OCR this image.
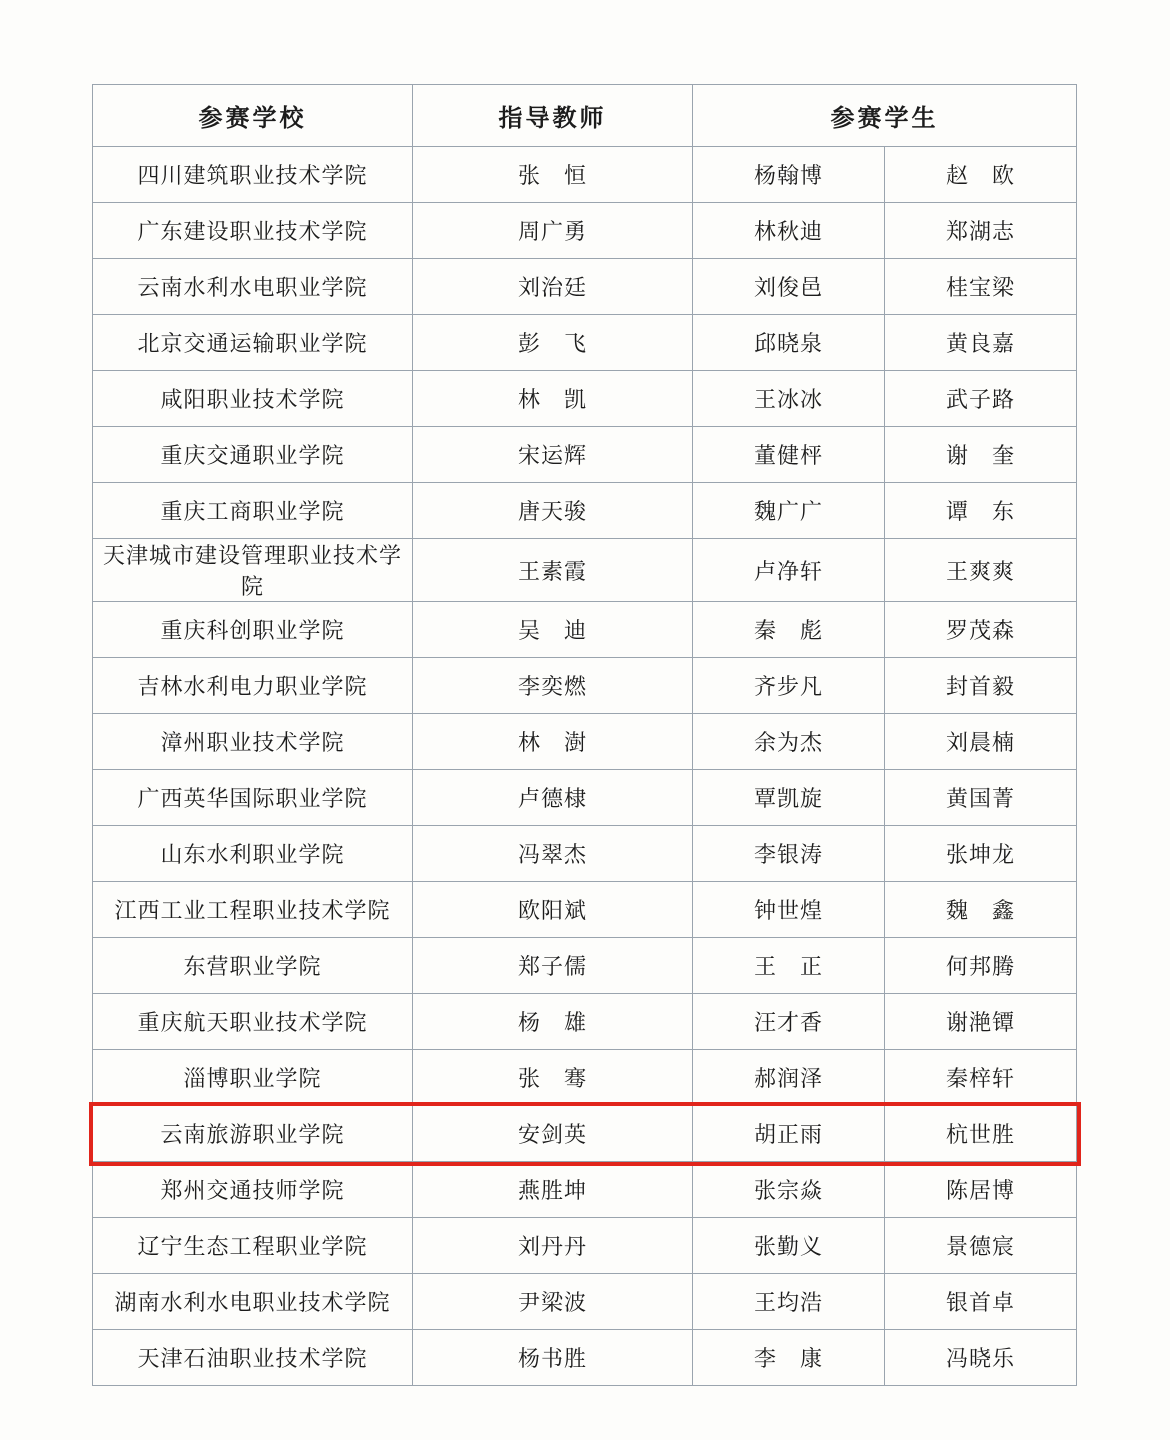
参赛学校	指导教师	参赛学生	
四川建筑职业技术学院	张　恒	杨翰博	赵　欧
广东建设职业技术学院	周广勇	林秋迪	郑湖志
云南水利水电职业学院	刘治廷	刘俊邑	桂宝梁
北京交通运输职业学院	彭　飞	邱晓泉	黄良嘉
咸阳职业技术学院	林　凯	王冰冰	武子路
重庆交通职业学院	宋运辉	董健枰	谢　奎
重庆工商职业学院	唐天骏	魏广广	谭　东
天津城市建设管理职业技术学院	王素霞	卢净轩	王爽爽
重庆科创职业学院	吴　迪	秦　彪	罗茂森
吉林水利电力职业学院	李奕燃	齐步凡	封首毅
漳州职业技术学院	林　澍	余为杰	刘晨楠
广西英华国际职业学院	卢德棣	覃凯旋	黄国菁
山东水利职业学院	冯翠杰	李银涛	张坤龙
江西工业工程职业技术学院	欧阳斌	钟世煌	魏　鑫
东营职业学院	郑子儒	王　正	何邦腾
重庆航天职业技术学院	杨　雄	汪才香	谢滟镡
淄博职业学院	张　骞	郝润泽	秦梓轩
云南旅游职业学院	安剑英	胡正雨	杭世胜
郑州交通技师学院	燕胜坤	张宗焱	陈居博
辽宁生态工程职业学院	刘丹丹	张勤义	景德宸
湖南水利水电职业技术学院	尹梁波	王均浩	银首卓
天津石油职业技术学院	杨书胜	李　康	冯晓乐
